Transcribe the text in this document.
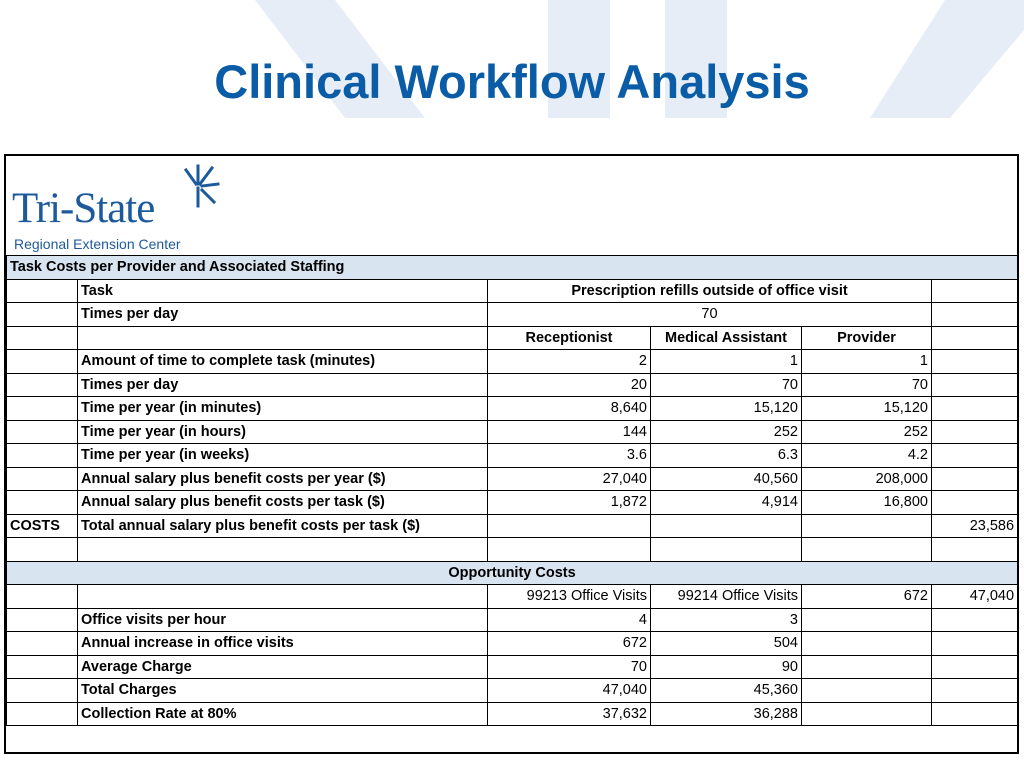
Clinical Workflow Analysis
Tri-State
Regional Extension Center
Task Costs per Provider and Associated Staffing					
	Task	Prescription refills outside of office visit			
	Times per day	70			
		Receptionist	Medical Assistant	Provider	
	Amount of time to complete task (minutes)	2	1	1	
	Times per day	20	70	70	
	Time per year (in minutes)	8,640	15,120	15,120	
	Time per year (in hours)	144	252	252	
	Time per year (in weeks)	3.6	6.3	4.2	
	Annual salary plus benefit costs per year ($)	27,040	40,560	208,000	
	Annual salary plus benefit costs per task ($)	1,872	4,914	16,800	
COSTS	Total annual salary plus benefit costs per task ($)				23,586

Opportunity Costs					
		99213 Office Visits	99214 Office Visits	672	47,040
	Office visits per hour	4	3		
	Annual increase in office visits	672	504		
	Average Charge	70	90		
	Total Charges	47,040	45,360		
	Collection Rate at 80%	37,632	36,288		
